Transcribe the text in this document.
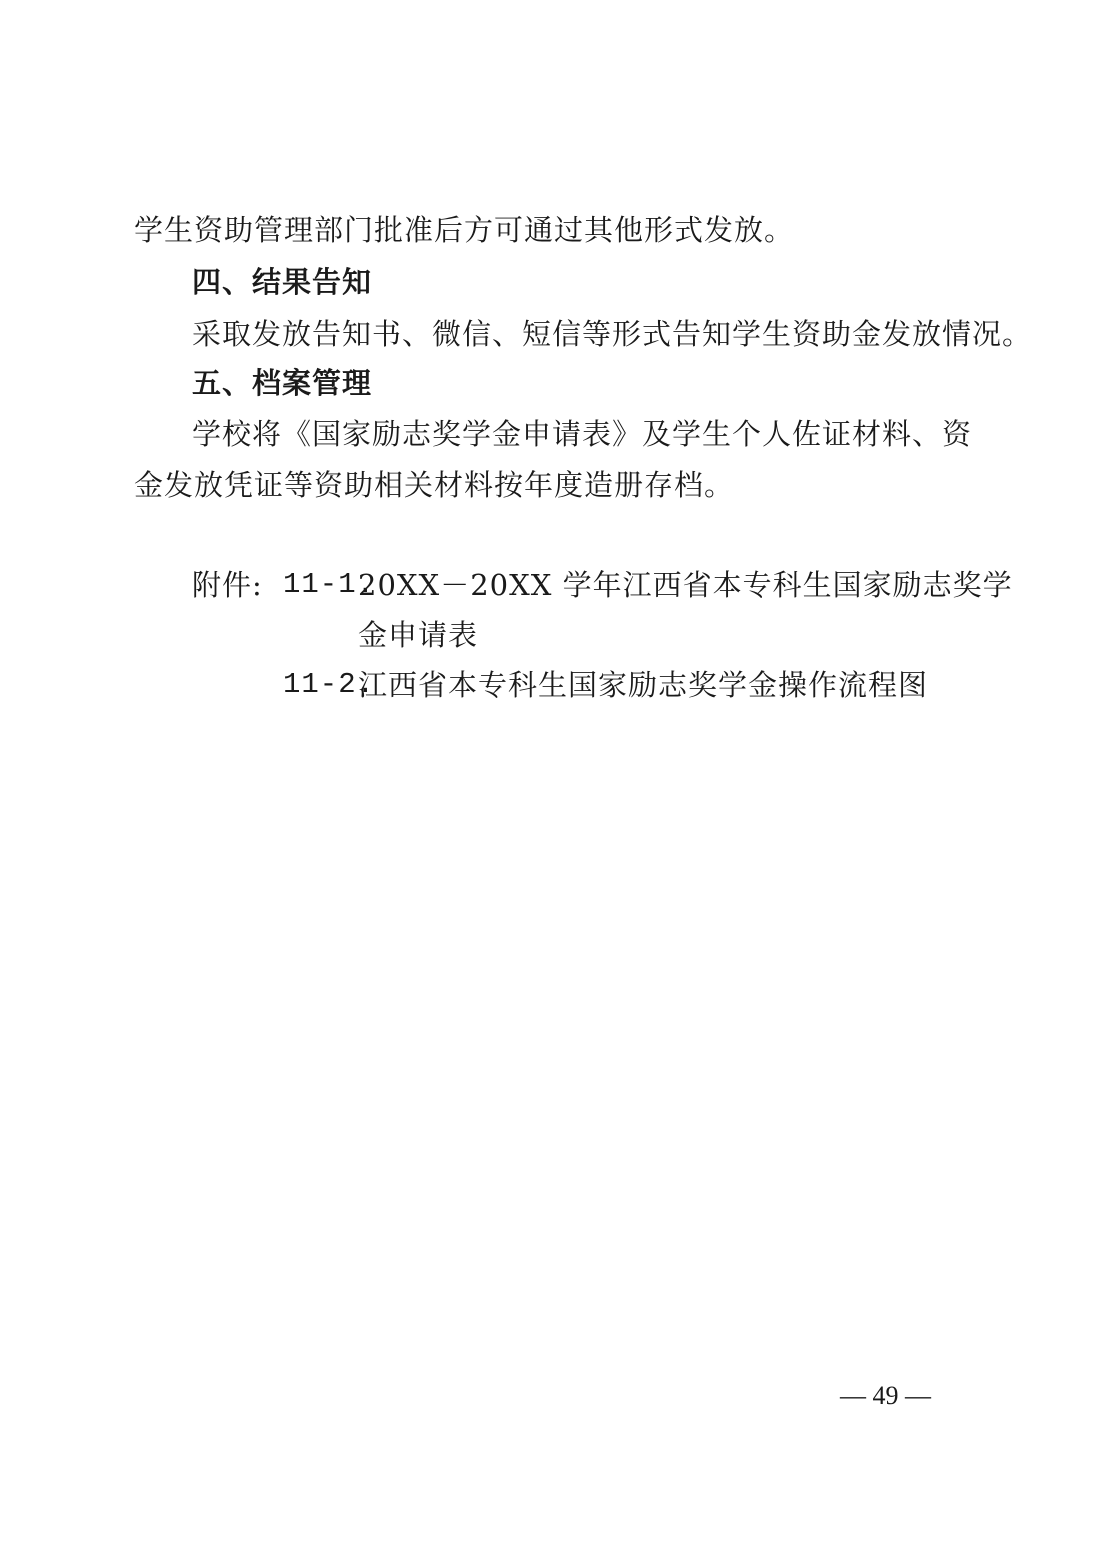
学生资助管理部门批准后方可通过其他形式发放。
四、结果告知
采取发放告知书、微信、短信等形式告知学生资助金发放情况。
五、档案管理
学校将《国家励志奖学金申请表》及学生个人佐证材料、资
金发放凭证等资助相关材料按年度造册存档。
附件: 11-1.
20XX－20XX 学年江西省本专科生国家励志奖学
金申请表
11-2.
江西省本专科生国家励志奖学金操作流程图
— 49 —
